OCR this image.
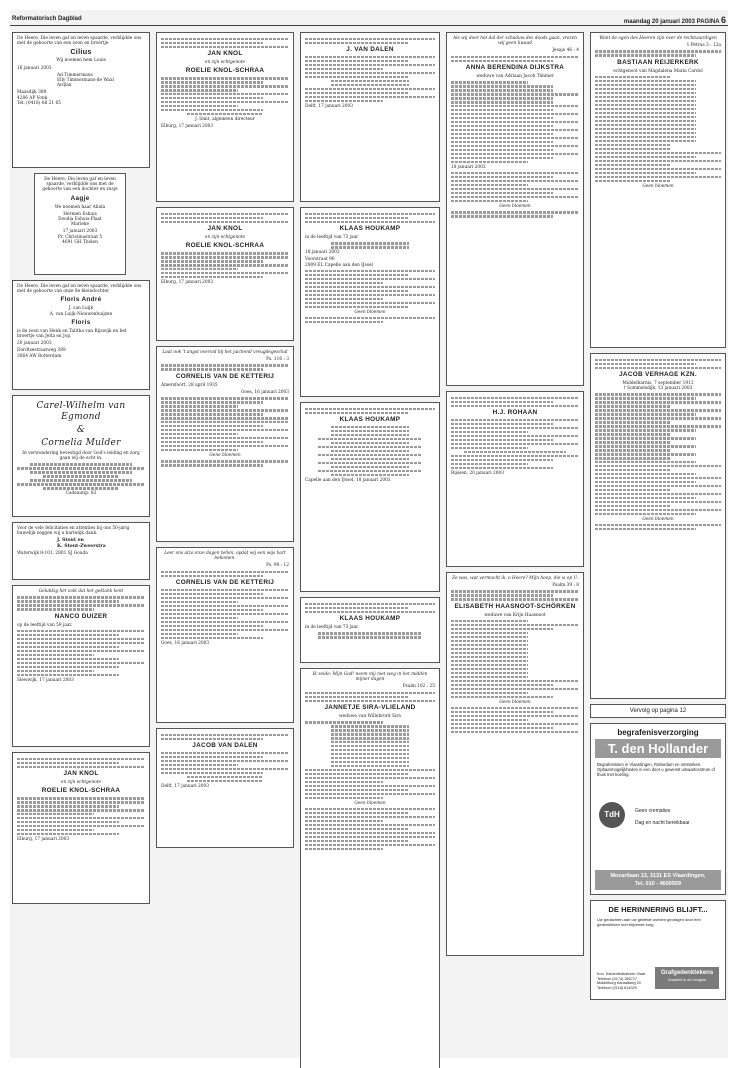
Reformatorisch Dagblad	maandag 20 januari 2003 PAGINA 6

De Heere, Die leven gaf en leven spaarde, verblijdde ons met de geboorte van een zoon en broertje

Cilius

Wij noemen hem Louis

16 januari 2003

Ad Timmermans
Elly Timmermans-de Waal
Ardjan

Maasdijk 389
4286 AP Vonk
Tel. (0418) 66 21 65

De Heere, Die leven gaf en leven spaarde, verblijdde ons met de geboorte van een dochter en zusje

Aagje

We noemen haar Aliida

Hermen Eshuis
Doodia Eshuis-Plaat
Marieke

17 januari 2003
Pr. Christinastraat 5
4691 GH Tholen

De Heere, Die leven gaf en leven spaarde, verblijdde ons met de geboorte van onze 8e kleindochter

Floris André

J. van Luijk
A. van Luijk-Nieuwenhuijzen

Floris

is de zoon van Henk en Talitha van Rijswijk en het broertje van Jelta en Jop.

20 januari 2003

Dordtsestraatweg 389
3064 AW Rotterdam

Carel-Wilhelm van Egmond
&
Cornelia Mulder

In verwondering bevestigd door God's leiding en zorg gaan wij de echt in.

Cadeautip: 83

Voor de vele felicitaties en attenties bij ons 50-jarig huwelijk zeggen wij u hartelijk dank.

J. Stout en
K. Stout-Zweerstra

Waterwijk 8-101, 2801 SJ Gouda

Gelukkig het volk dat het geklank kent

NANCO DUIZER

op de leeftijd van 59 jaar.

Slewwijk, 17 januari 2003

JAN KNOL

en zijn echtgenote

ROELIE KNOL-SCHRAA

Elburg, 17 januari 2003

JAN KNOL

en zijn echtgenote

ROELIE KNOL-SCHRAA

J. Smit, algemeen directeur

Elburg, 17 januari 2003

JAN KNOL

en zijn echtgenote

ROELIE KNOL-SCHRAA

Elburg, 17 januari 2003

Laat ook 't angst overvid bij het juichend vreugdegeschal

Ps. 116 : 3

CORNELIS VAN DE KETTERIJ

Amersfoort, 28 april 1935

Goes, 16 januari 2003

Gene bloemen

Leer ons alzo onze dagen tellen, opdat wij een wijs hart bekomen.

Ps. 90 : 12

CORNELIS VAN DE KETTERIJ

Goes, 16 januari 2003

JACOB VAN DALEN

Delft, 17 januari 2003

J. VAN DALEN

Delft, 17 januari 2003

KLAAS HOUKAMP

in de leeftijd van 73 jaar

18 januari 2003

Voorstraat 96
2909 EL Capelle aan den IJssel

Geen bloemen

KLAAS HOUKAMP

Capelle aan den IJssel, 18 januari 2003

KLAAS HOUKAMP

in de leeftijd van 73 jaar.

Ik zeide: Mijn God! neem mij niet weg in het midden mijner dagen

Psalm 102 : 25

JANNETJE SIRA-VLIELAND

weduwe van Willebrord Sira

Geen bloemen

Als wij door het dal der schaduw des doods gaan, vrezen wij geen kwaad

Jesaja 46 : 4

ANNA BERENDINA DIJKSTRA

weduwe van Adriaan Jacob Timmer

18 januari 2003

Geen bloemen

H.J. ROHAAN

Rijssen, 20 januari 2003

Ze was, wat vermocht ik, o Heere? Mijn hoop, die is op U.

Psalm 39 : 8

ELISABETH HAASNOOT-SCHÖRKEN

weduwe van Krijn Haasnoot

Geen bloemen

Want de ogen des Heeren zijn over de rechtvaardigen

1 Petrus 3 : 12a

BASTIAAN REIJERKERK

echtgenoot van Magdalena Maria Cardol

Geen bloemen

JACOB VERHAGE KZN.

Middelharnis, 7 september 1913
† Sommelsdijk, 13 januari 2003

Geen bloemen

Vervolg op pagina 12
begrafenisverzorging
T. den Hollander
Begrafenissen in Vlaardingen, Rotterdam en omstreken. Opbaarmogelijkheden in een door u gewenst uitvaartcentrum of thuis met koeling.
TdH	Geen crematies
Dag en nacht bereikbaar
Mozartlaan 13, 3131 ES Vlaardingen,
Tel. 010 - 4600509
DE HERINNERING BLIJFT...
Uw gedachten aan uw geliefde worden gedragen door een gedenkteken met blijvende zorg.
Kon. Katoentedkalveer Vlaar
Telefoon (0174) 265717
Middelburg Kanaalweg 20
Telefoon (0118) 614329
Grafgedenktekens
Kwaliteit in de hoogste
